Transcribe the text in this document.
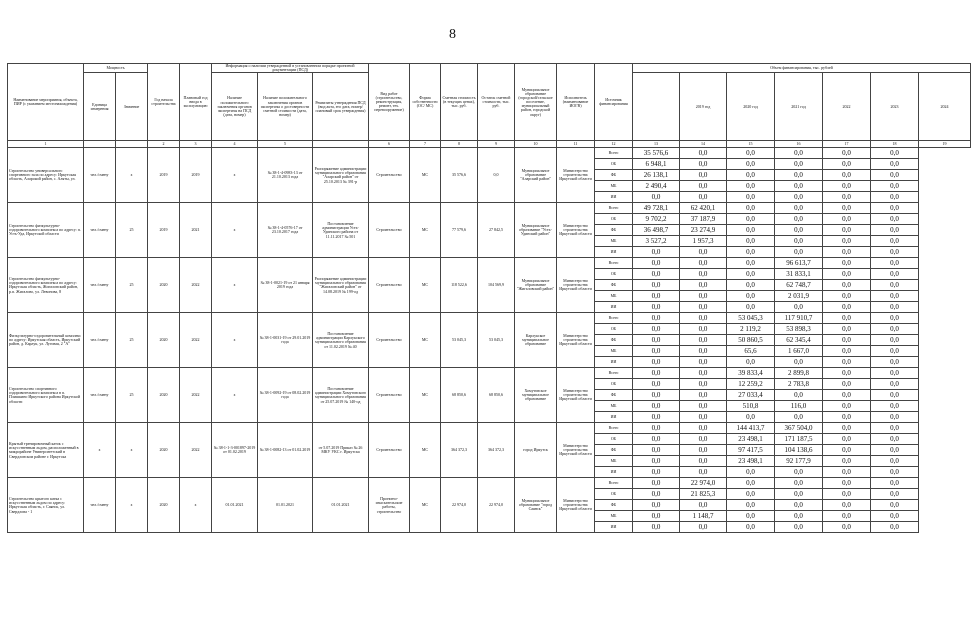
8
Наименование мероприятия, объекта, ПИР (с указанием местонахождения)	Мощность		Год начала строительства	Плановый год ввода в эксплуатацию	Информация о наличии утвержденной в установленном порядке проектной документации (ПСД)			Вид работ (строительство, реконструкция, ремонт, тех. перевооружение)	Форма собственности (ОС/ МС)	Сметная стоимость (в текущих ценах), тыс. руб.	Остаток сметной стоимости, тыс. руб.	Муниципальное образование (городской/сельское поселение, муниципальный район, городской округ)	Исполнитель (наименование ИОГВ)	Источник финансирования	Объем финансирования, тыс. рублей						
	Единица измерения	Значение			Наличие положительного заключения органов экспертизы на ПСД (дата, номер)	Наличие положительного заключения органов экспертизы о достоверности сметной стоимости (дата, номер)	Реквизиты утверждения ПСД (вид акта, его дата, номер/ плановый срок утверждения)									2019 год	2020 год	2021 год	2022	2023	2024
1			2	3	4	5		6	7	8	9	10	11	12	13	14	15	16	17	18	19
Строительство универсального спортивного зала по адресу: Иркутская область, Аларский район, с. Аляты, ул.	чел./смену	х	2019	2019	х	№ 38-1-4-0983-13 от 21.10.2013 года	Распоряжение администрации муниципального образования "Аларский район" от 25.10.2013 № 391-р	Строительство	МС	35 576,6	0,0	Муниципальное образование "Аларский район"	Министерство строительства Иркутской области	Всего	35 576,6	0,0	0,0	0,0	0,0	0,0	
														ОБ	6 948,1	0,0	0,0	0,0	0,0	0,0	
														ФБ	26 138,1	0,0	0,0	0,0	0,0	0,0	
														МБ	2 490,4	0,0	0,0	0,0	0,0	0,0	
														ИИ	0,0	0,0	0,0	0,0	0,0	0,0	
Строительство физкультурно-оздоровительного комплекса по адресу: п. Усть-Уда, Иркутской области	чел./смену	25	2019	2021	х	№ 38-1-4-0576-17 от 23.10.2017 года	Постановление администрации Усть-Удинского района от 11.11.2017 № 501	Строительство	МС	77 579,6	27 842,5	Муниципальное образование "Усть-Удинский район"	Министерство строительства Иркутской области	Всего	49 728,1	62 420,1	0,0	0,0	0,0	0,0	
														ОБ	9 702,2	37 187,9	0,0	0,0	0,0	0,0	
														ФБ	36 498,7	23 274,9	0,0	0,0	0,0	0,0	
														МБ	3 527,2	1 957,3	0,0	0,0	0,0	0,0	
														ИИ	0,0	0,0	0,0	0,0	0,0	0,0	
Строительство физкультурно-оздоровительного комплекса по адресу: Иркутская область, Жигаловский район, р.п. Жигалово, ул. Левонова, 8	чел./смену	25	2020	2022	х	№ 38-1-0021-19 от 21 января 2019 года	Распоряжение администрации муниципального образования "Жигаловский район" от 14.08.2019 № 199-од	Строительство	МС	118 522,6	104 569,9	Муниципальное образование "Жигаловский район"	Министерство строительства Иркутской области	Всего	0,0	0,0	0,0	96 613,7	0,0	0,0	
														ОБ	0,0	0,0	0,0	31 833,1	0,0	0,0	
														ФБ	0,0	0,0	0,0	62 748,7	0,0	0,0	
														МБ	0,0	0,0	0,0	2 031,9	0,0	0,0	
														ИИ	0,0	0,0	0,0	0,0	0,0	0,0	
Физкультурно-оздоровительный комплекс по адресу: Иркутская область, Иркутский район, д. Карлук, ул. Луговая, 2 "А"	чел./смену	25	2020	2022	х	№ 38-1-0031-19 от 29.01.2019 года	Постановление администрации Карлукского муниципального образования от 11.02.2019 № 40	Строительство	МС	53 045,3	53 045,3	Карлукское муниципальное образование	Министерство строительства Иркутской области	Всего	0,0	0,0	53 045,3	117 910,7	0,0	0,0	
														ОБ	0,0	0,0	2 119,2	53 898,3	0,0	0,0	
														ФБ	0,0	0,0	50 860,5	62 345,4	0,0	0,0	
														МБ	0,0	0,0	65,6	1 667,0	0,0	0,0	
														ИИ	0,0	0,0	0,0	0,0	0,0	0,0	
Строительство спортивного оздоровительного комплекса в п. Плишкино Иркутского района Иркутской области	чел./смену	25	2020	2022	х	№ 38-1-0092-19 от 08.02.2019 года	Постановление администрации Хомутовского муниципального образования от 25.07.2019 № 140-од	Строительство	МС	68 850,6	68 850,6	Хомутовское муниципальное образование	Министерство строительства Иркутской области	Всего	0,0	0,0	39 833,4	2 899,8	0,0	0,0	
														ОБ	0,0	0,0	12 259,2	2 783,8	0,0	0,0	
														ФБ	0,0	0,0	27 033,4	0,0	0,0	0,0	
														МБ	0,0	0,0	510,8	116,0	0,0	0,0	
														ИИ	0,0	0,0	0,0	0,0	0,0	0,0	
Крытый тренировочный каток с искусственным льдом, расположенный в микрорайоне Университетский в Свердловском районе г. Иркутска	х	х	2020	2022	№ 38-1-1-3-001897-2019 от 01.02.2019	№ 38-1-0082-13 от 01.02.2019	от 5.07.2019 Приказ № 26 МКУ УКС г. Иркутска	Строительство	МС	364 372,3	364 372,3	город Иркутск	Министерство строительства Иркутской области	Всего	0,0	0,0	144 413,7	367 504,0	0,0	0,0	
														ОБ	0,0	0,0	23 498,1	171 187,5	0,0	0,0	
														ФБ	0,0	0,0	97 417,5	104 138,6	0,0	0,0	
														МБ	0,0	0,0	23 498,1	92 177,9	0,0	0,0	
														ИИ	0,0	0,0	0,0	0,0	0,0	0,0	
Строительство крытого катка с искусственным льдом по адресу: Иркутская область, г. Саянск, ул. Свердлова - 1	чел./смену	х	2020	х	01.01.2021	01.01.2021	01.01.2021	Проектно-изыскательские работы, строительство	МС	22 974,0	22 974,0	Муниципальное образование "город Саянск"	Министерство строительства Иркутской области	Всего	0,0	22 974,0	0,0	0,0	0,0	0,0	
														ОБ	0,0	21 825,3	0,0	0,0	0,0	0,0	
														ФБ	0,0	0,0	0,0	0,0	0,0	0,0	
														МБ	0,0	1 148,7	0,0	0,0	0,0	0,0	
														ИИ	0,0	0,0	0,0	0,0	0,0	0,0	
